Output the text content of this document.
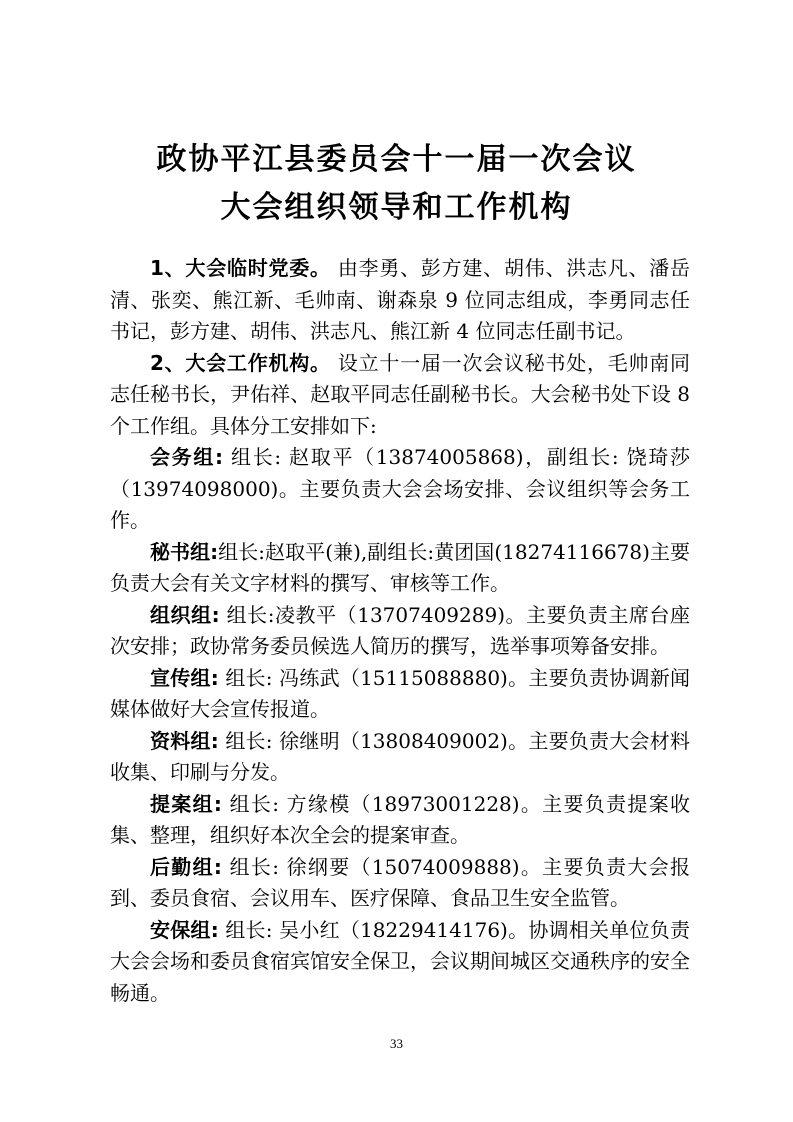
政协平江县委员会十一届一次会议
大会组织领导和工作机构

1、大会临时党委。 由李勇、彭方建、胡伟、洪志凡、潘岳清、张奕、熊江新、毛帅南、谢森泉 9 位同志组成，李勇同志任书记，彭方建、胡伟、洪志凡、熊江新 4 位同志任副书记。

2、大会工作机构。 设立十一届一次会议秘书处，毛帅南同志任秘书长，尹佑祥、赵取平同志任副秘书长。大会秘书处下设 8 个工作组。具体分工安排如下:

会务组: 组长: 赵取平（13874005868)，副组长: 饶琦莎（13974098000)。主要负责大会会场安排、会议组织等会务工作。

秘书组:组长:赵取平(兼),副组长:黄团国(18274116678)主要负责大会有关文字材料的撰写、审核等工作。

组织组: 组长:凌教平（13707409289)。主要负责主席台座次安排；政协常务委员候选人简历的撰写，选举事项筹备安排。

宣传组: 组长: 冯练武（15115088880)。主要负责协调新闻媒体做好大会宣传报道。

资料组: 组长: 徐继明（13808409002)。主要负责大会材料收集、印刷与分发。

提案组: 组长: 方缘模（18973001228)。主要负责提案收集、整理，组织好本次全会的提案审查。

后勤组: 组长: 徐纲要（15074009888)。主要负责大会报到、委员食宿、会议用车、医疗保障、食品卫生安全监管。

安保组: 组长: 吴小红（18229414176)。协调相关单位负责大会会场和委员食宿宾馆安全保卫，会议期间城区交通秩序的安全畅通。

33
